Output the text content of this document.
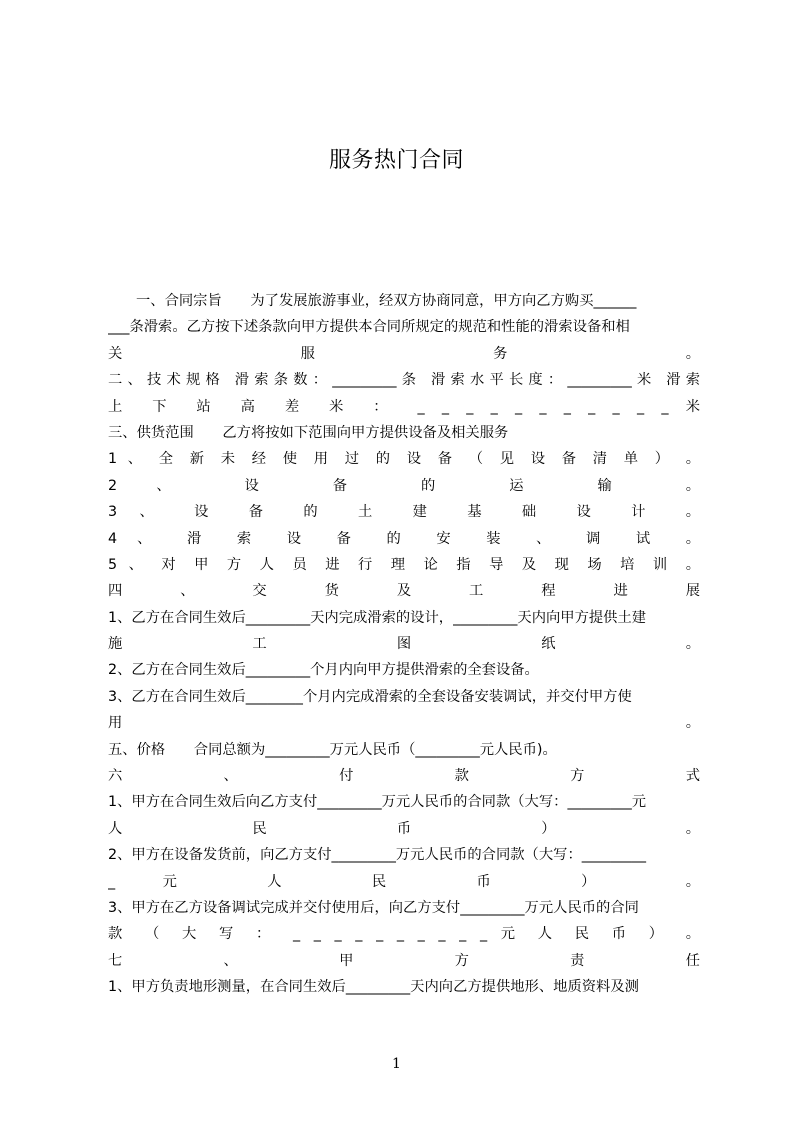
服务热门合同
一、合同宗旨　　为了发展旅游事业，经双方协商同意，甲方向乙方购买______
___条滑索。乙方按下述条款向甲方提供本合同所规定的规范和性能的滑索设备和相
关 服 务 。
二、技术规格 滑索条数：_________条 滑索水平长度：_________米 滑索
上 下 站 高 差 米 ： _ _ _ _ _ _ _ _ _ _ _ 米
三、供货范围　　乙方将按如下范围向甲方提供设备及相关服务
1 、 全 新 未 经 使 用 过 的 设 备 （ 见 设 备 清 单 ） 。
2 、 设 备 的 运 输 。
3 、 设 备 的 土 建 基 础 设 计 。
4 、 滑 索 设 备 的 安 装 、 调 试 。
5 、 对 甲 方 人 员 进 行 理 论 指 导 及 现 场 培 训 。
四 、 交 货 及 工 程 进 展
1、乙方在合同生效后_________天内完成滑索的设计，_________天内向甲方提供土建
施 工 图 纸 。
2、乙方在合同生效后_________个月内向甲方提供滑索的全套设备。
3、乙方在合同生效后________个月内完成滑索的全套设备安装调试，并交付甲方使
用 。
五、价格　　合同总额为_________万元人民币（_________元人民币)。
六 、 付 款 方 式
1、甲方在合同生效后向乙方支付_________万元人民币的合同款（大写：_________元
人 民 币 ） 。
2、甲方在设备发货前，向乙方支付_________万元人民币的合同款（大写：_________
_ 元 人 民 币 ） 。
3、甲方在乙方设备调试完成并交付使用后，向乙方支付_________万元人民币的合同
款 （ 大 写 ： _ _ _ _ _ _ _ _ _ _ 元 人 民 币 ） 。
七 、 甲 方 责 任
1、甲方负责地形测量，在合同生效后_________天内向乙方提供地形、地质资料及测
1
